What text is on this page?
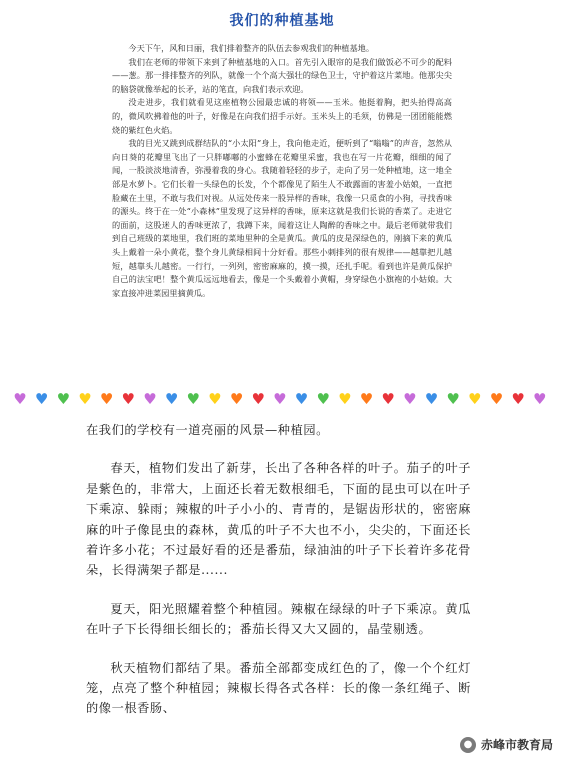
我们的种植基地

今天下午，风和日丽，我们排着整齐的队伍去参观我们的种植基地。

我们在老师的带领下来到了种植基地的入口。首先引入眼帘的是我们做饭必不可少的配料——葱。那一排排整齐的列队，就像一个个高大强壮的绿色卫士，守护着这片菜地。他那尖尖的脑袋就像举起的长矛，站的笔直，向我们表示欢迎。

没走进步，我们就看见这座植物公园最忠诚的将领——玉米。他挺着胸，把头抬得高高的，微风吹拂着他的叶子，好像是在向我们招手示好。玉米头上的毛须，仿佛是一团团能能燃烧的紫红色火焰。

我的目光又跳到成群结队的“小太阳”身上，我向他走近，便听到了“嗡嗡”的声音，忽然从向日葵的花瓣里飞出了一只胖嘟嘟的小蜜蜂在花瓣里采蜜，我也在写一片花瓣，细细的闻了闻，一股淡淡地清香，弥漫着我的身心。我随着轻轻的步子，走向了另一处种植地，这一地全部是水萝卜。它们长着一头绿色的长发，个个都像见了陌生人不敢露面的害羞小姑娘，一直把脸藏在土里，不敢与我们对视。从远处传来一股异样的香味，我像一只觅食的小狗，寻找香味的源头。终于在一处“小森林”里发现了这异样的香味，原来这就是我们长说的香菜了。走进它的面前，这股迷人的香味更浓了，我蹲下来，闻着这让人陶醉的香味之中。最后老师就带我们到自己班级的菜地里，我们班的菜地里种的全是黄瓜。黄瓜的皮是深绿色的，刚摘下来的黄瓜头上戴着一朵小黄花，整个身儿黄绿相间十分好看。那些小刺排列的很有规律——越靠把儿越短，越靠头儿越密。一行行，一列列，密密麻麻的，摸一摸，还扎手呢。看到也许是黄瓜保护自己的法宝吧！整个黄瓜远远地看去，像是一个头戴着小黄帽，身穿绿色小旗袍的小姑娘。大家直接冲进菜园里摘黄瓜。

♥ ♥ ♥ ♥ ♥ ♥ ♥ ♥ ♥ ♥ ♥ ♥ ♥ ♥ ♥ ♥ ♥ ♥ ♥ ♥ ♥ ♥ ♥ ♥ ♥

在我们的学校有一道亮丽的风景—种植园。

春天，植物们发出了新芽，长出了各种各样的叶子。茄子的叶子是紫色的，非常大，上面还长着无数根细毛，下面的昆虫可以在叶子下乘凉、躲雨；辣椒的叶子小小的、青青的，是锯齿形状的，密密麻麻的叶子像昆虫的森林，黄瓜的叶子不大也不小，尖尖的，下面还长着许多小花；不过最好看的还是番茄，绿油油的叶子下长着许多花骨朵，长得满架子都是......

夏天，阳光照耀着整个种植园。辣椒在绿绿的叶子下乘凉。黄瓜在叶子下长得细长细长的；番茄长得又大又圆的，晶莹剔透。

秋天植物们都结了果。番茄全部都变成红色的了，像一个个红灯笼，点亮了整个种植园；辣椒长得各式各样：长的像一条红绳子、断的像一根香肠、

● 赤峰市教育局
